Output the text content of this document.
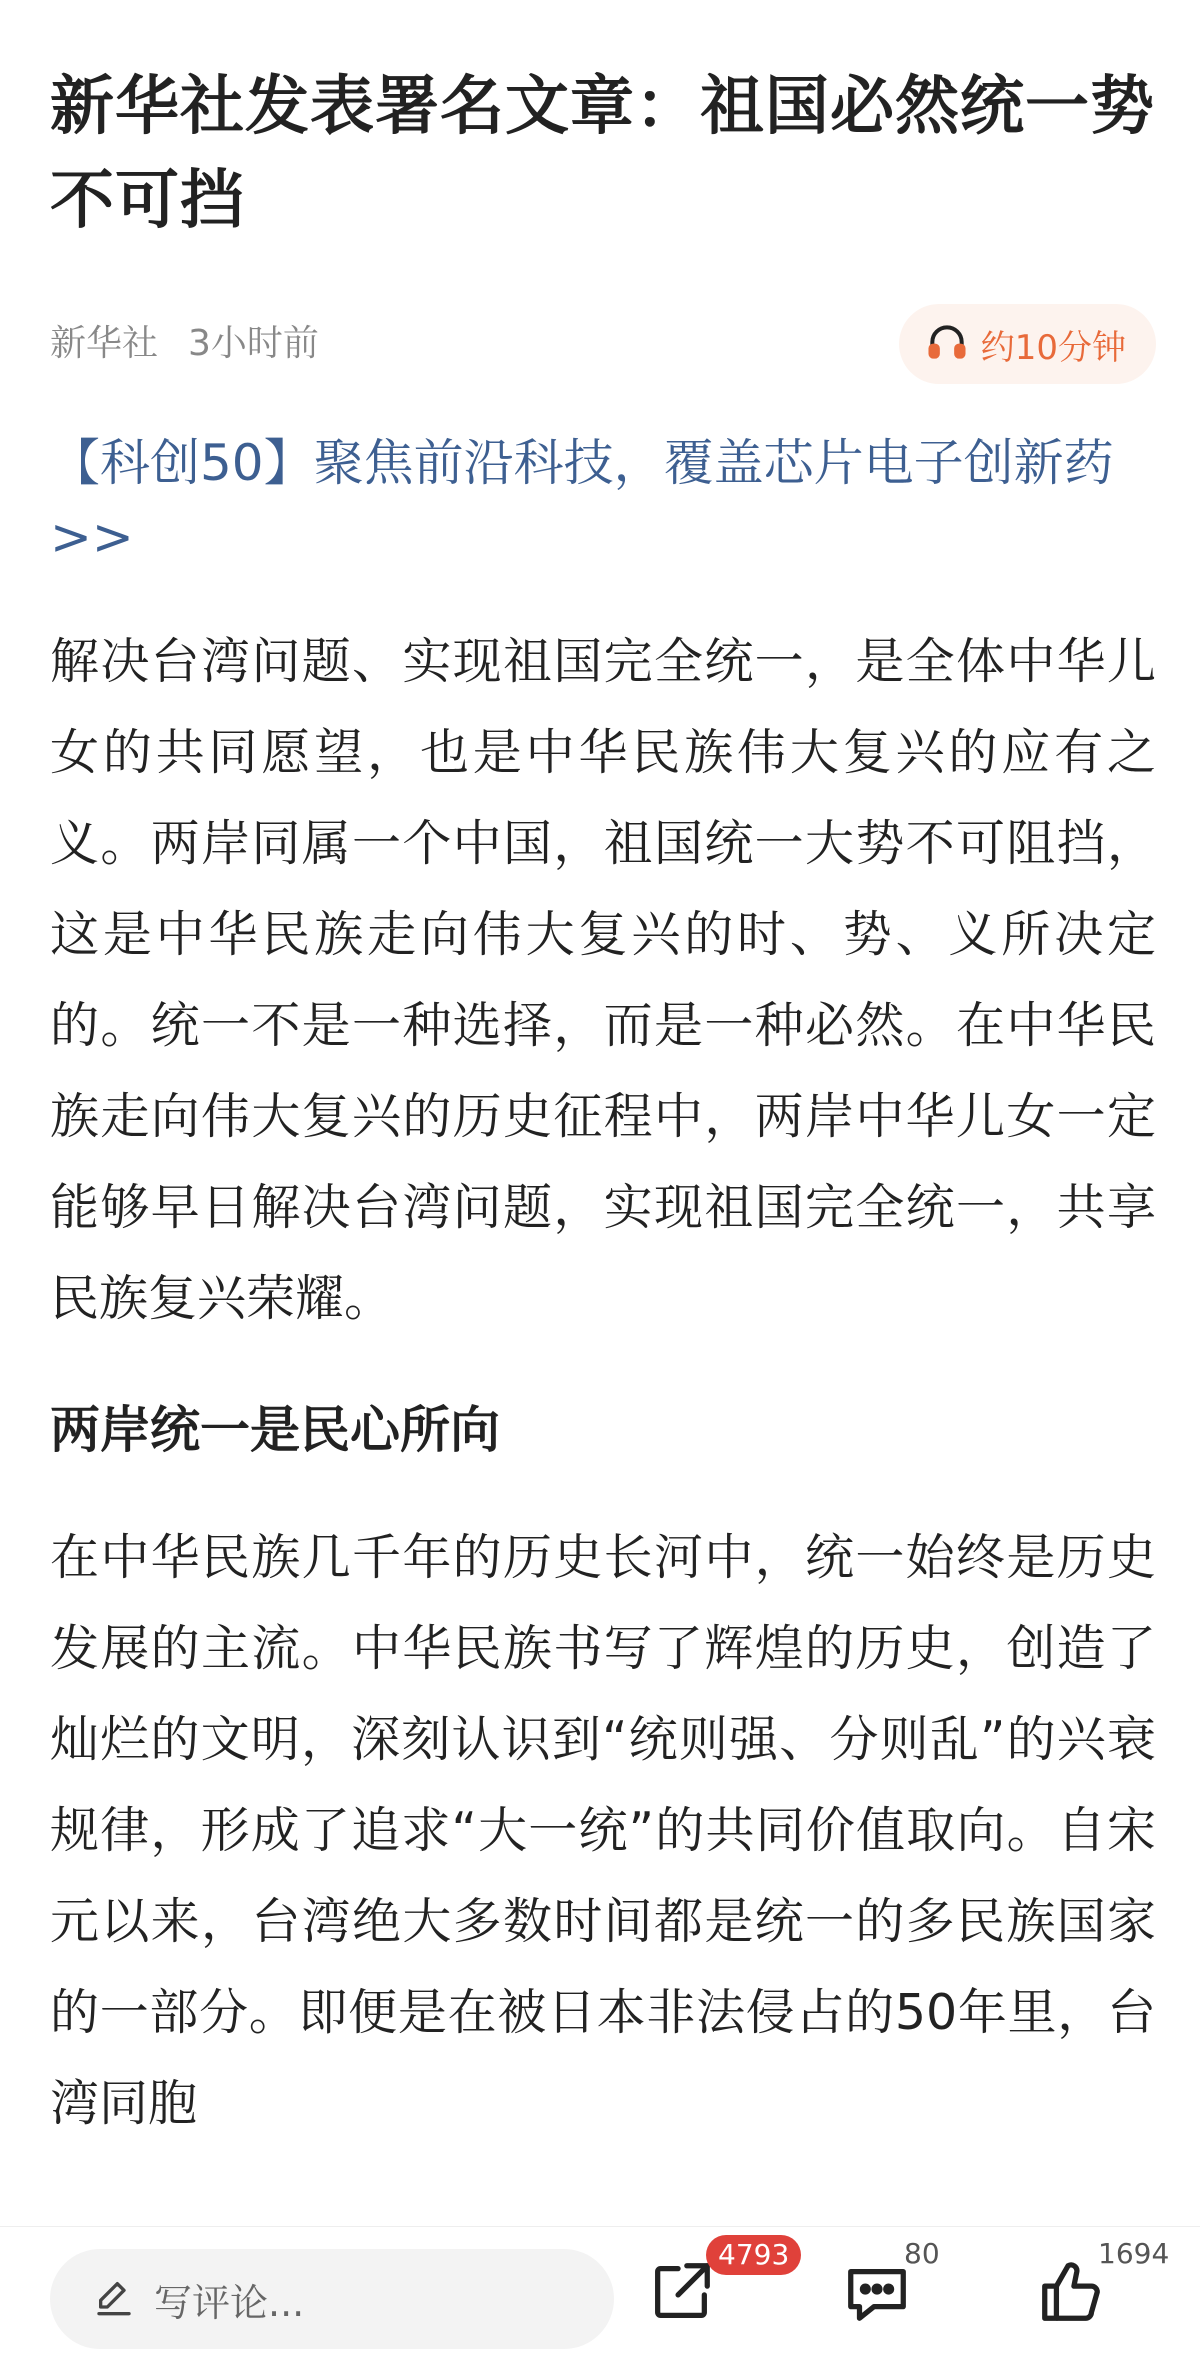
新华社发表署名文章：祖国必然统一势不可挡
新华社 3小时前	约10分钟
【科创50】聚焦前沿科技，覆盖芯片电子创新药>>

解决台湾问题、实现祖国完全统一，是全体中华儿女的共同愿望，也是中华民族伟大复兴的应有之义。两岸同属一个中国，祖国统一大势不可阻挡，这是中华民族走向伟大复兴的时、势、义所决定的。统一不是一种选择，而是一种必然。在中华民族走向伟大复兴的历史征程中，两岸中华儿女一定能够早日解决台湾问题，实现祖国完全统一，共享民族复兴荣耀。

两岸统一是民心所向

在中华民族几千年的历史长河中，统一始终是历史发展的主流。中华民族书写了辉煌的历史，创造了灿烂的文明，深刻认识到“统则强、分则乱”的兴衰规律，形成了追求“大一统”的共同价值取向。自宋元以来，台湾绝大多数时间都是统一的多民族国家的一部分。即便是在被日本非法侵占的50年里，台湾同胞

写评论...
4793	80	1694
